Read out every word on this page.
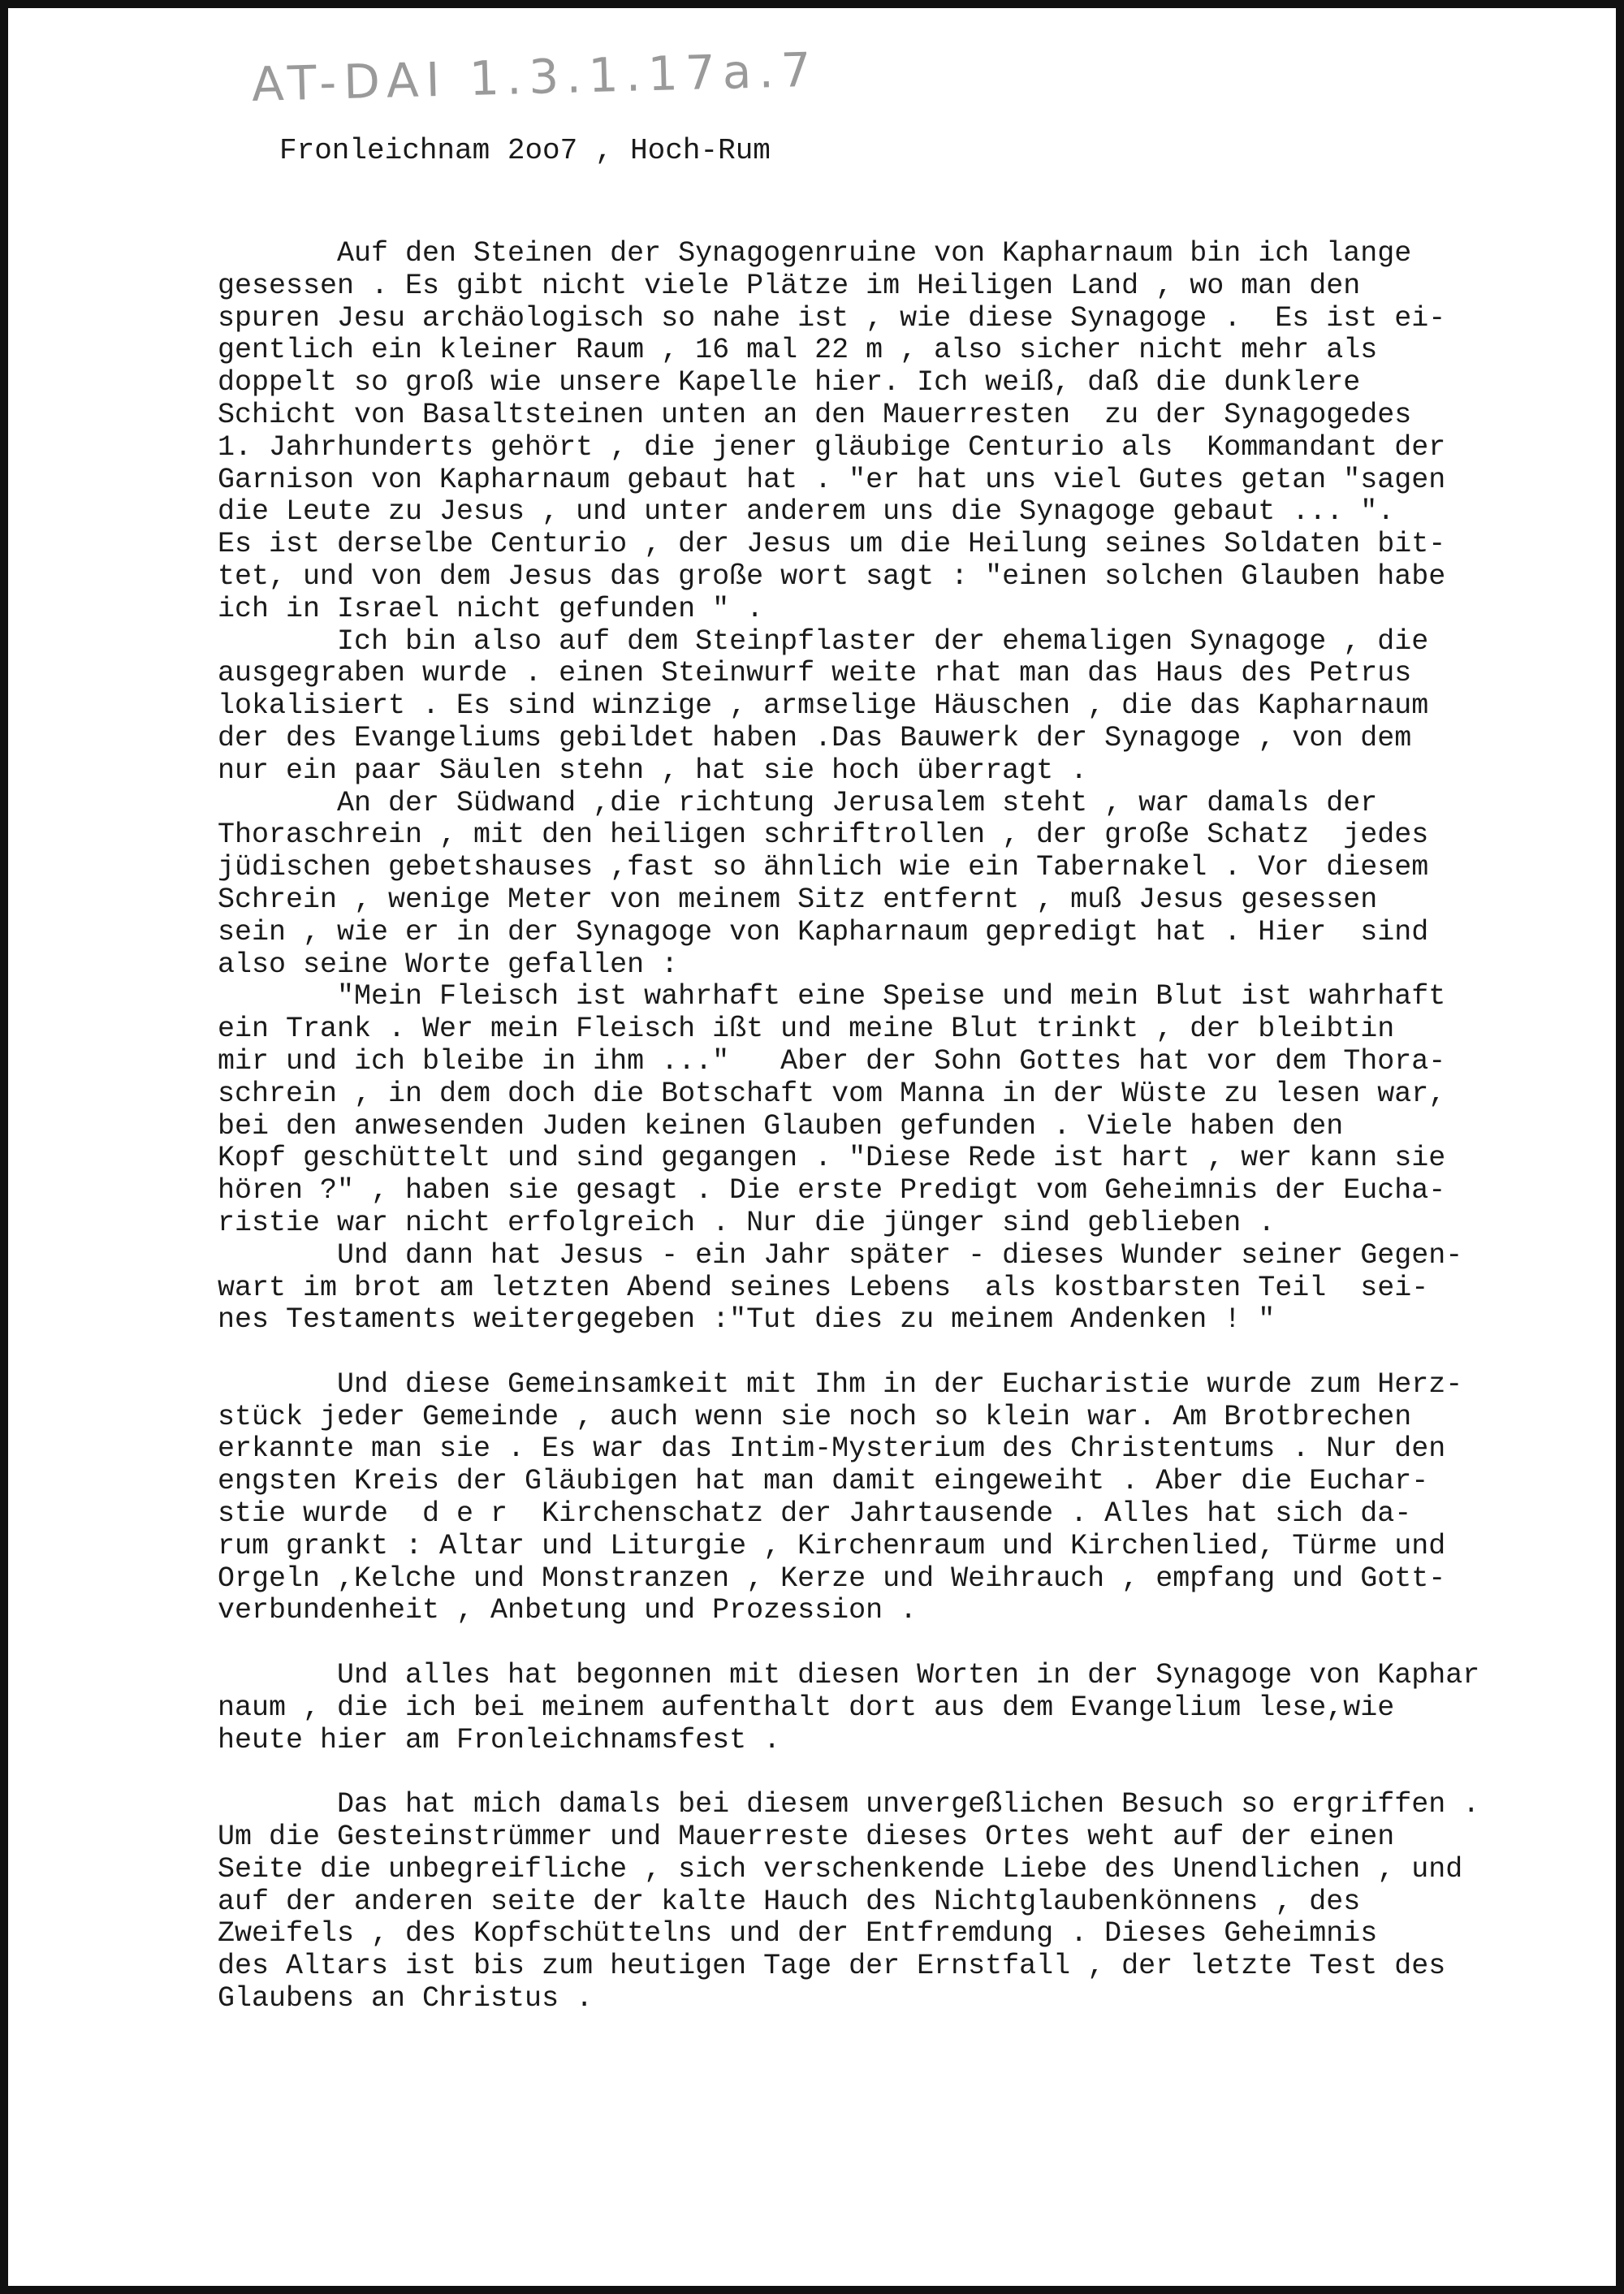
AT-DAI 1.3.1.17a.7
Fronleichnam 2oo7 , Hoch-Rum
Auf den Steinen der Synagogenruine von Kapharnaum bin ich lange
gesessen . Es gibt nicht viele Plätze im Heiligen Land , wo man den
spuren Jesu archäologisch so nahe ist , wie diese Synagoge .  Es ist ei-
gentlich ein kleiner Raum , 16 mal 22 m , also sicher nicht mehr als
doppelt so groß wie unsere Kapelle hier. Ich weiß, daß die dunklere
Schicht von Basaltsteinen unten an den Mauerresten  zu der Synagogedes
1. Jahrhunderts gehört , die jener gläubige Centurio als  Kommandant der
Garnison von Kapharnaum gebaut hat . "er hat uns viel Gutes getan "sagen
die Leute zu Jesus , und unter anderem uns die Synagoge gebaut ... ".
Es ist derselbe Centurio , der Jesus um die Heilung seines Soldaten bit-
tet, und von dem Jesus das große wort sagt : "einen solchen Glauben habe
ich in Israel nicht gefunden " .
Ich bin also auf dem Steinpflaster der ehemaligen Synagoge , die
ausgegraben wurde . einen Steinwurf weite rhat man das Haus des Petrus
lokalisiert . Es sind winzige , armselige Häuschen , die das Kapharnaum
der des Evangeliums gebildet haben .Das Bauwerk der Synagoge , von dem
nur ein paar Säulen stehn , hat sie hoch überragt .
An der Südwand ,die richtung Jerusalem steht , war damals der
Thoraschrein , mit den heiligen schriftrollen , der große Schatz  jedes
jüdischen gebetshauses ,fast so ähnlich wie ein Tabernakel . Vor diesem
Schrein , wenige Meter von meinem Sitz entfernt , muß Jesus gesessen
sein , wie er in der Synagoge von Kapharnaum gepredigt hat . Hier  sind
also seine Worte gefallen :
"Mein Fleisch ist wahrhaft eine Speise und mein Blut ist wahrhaft
ein Trank . Wer mein Fleisch ißt und meine Blut trinkt , der bleibtin
mir und ich bleibe in ihm ..."   Aber der Sohn Gottes hat vor dem Thora-
schrein , in dem doch die Botschaft vom Manna in der Wüste zu lesen war,
bei den anwesenden Juden keinen Glauben gefunden . Viele haben den
Kopf geschüttelt und sind gegangen . "Diese Rede ist hart , wer kann sie
hören ?" , haben sie gesagt . Die erste Predigt vom Geheimnis der Eucha-
ristie war nicht erfolgreich . Nur die jünger sind geblieben .
Und dann hat Jesus - ein Jahr später - dieses Wunder seiner Gegen-
wart im brot am letzten Abend seines Lebens  als kostbarsten Teil  sei-
nes Testaments weitergegeben :"Tut dies zu meinem Andenken ! "
Und diese Gemeinsamkeit mit Ihm in der Eucharistie wurde zum Herz-
stück jeder Gemeinde , auch wenn sie noch so klein war. Am Brotbrechen
erkannte man sie . Es war das Intim-Mysterium des Christentums . Nur den
engsten Kreis der Gläubigen hat man damit eingeweiht . Aber die Euchar-
stie wurde  d e r  Kirchenschatz der Jahrtausende . Alles hat sich da-
rum grankt : Altar und Liturgie , Kirchenraum und Kirchenlied, Türme und
Orgeln ,Kelche und Monstranzen , Kerze und Weihrauch , empfang und Gott-
verbundenheit , Anbetung und Prozession .
Und alles hat begonnen mit diesen Worten in der Synagoge von Kaphar
naum , die ich bei meinem aufenthalt dort aus dem Evangelium lese,wie
heute hier am Fronleichnamsfest .
Das hat mich damals bei diesem unvergeßlichen Besuch so ergriffen .
Um die Gesteinstrümmer und Mauerreste dieses Ortes weht auf der einen
Seite die unbegreifliche , sich verschenkende Liebe des Unendlichen , und
auf der anderen seite der kalte Hauch des Nichtglaubenkönnens , des
Zweifels , des Kopfschüttelns und der Entfremdung . Dieses Geheimnis
des Altars ist bis zum heutigen Tage der Ernstfall , der letzte Test des
Glaubens an Christus .
